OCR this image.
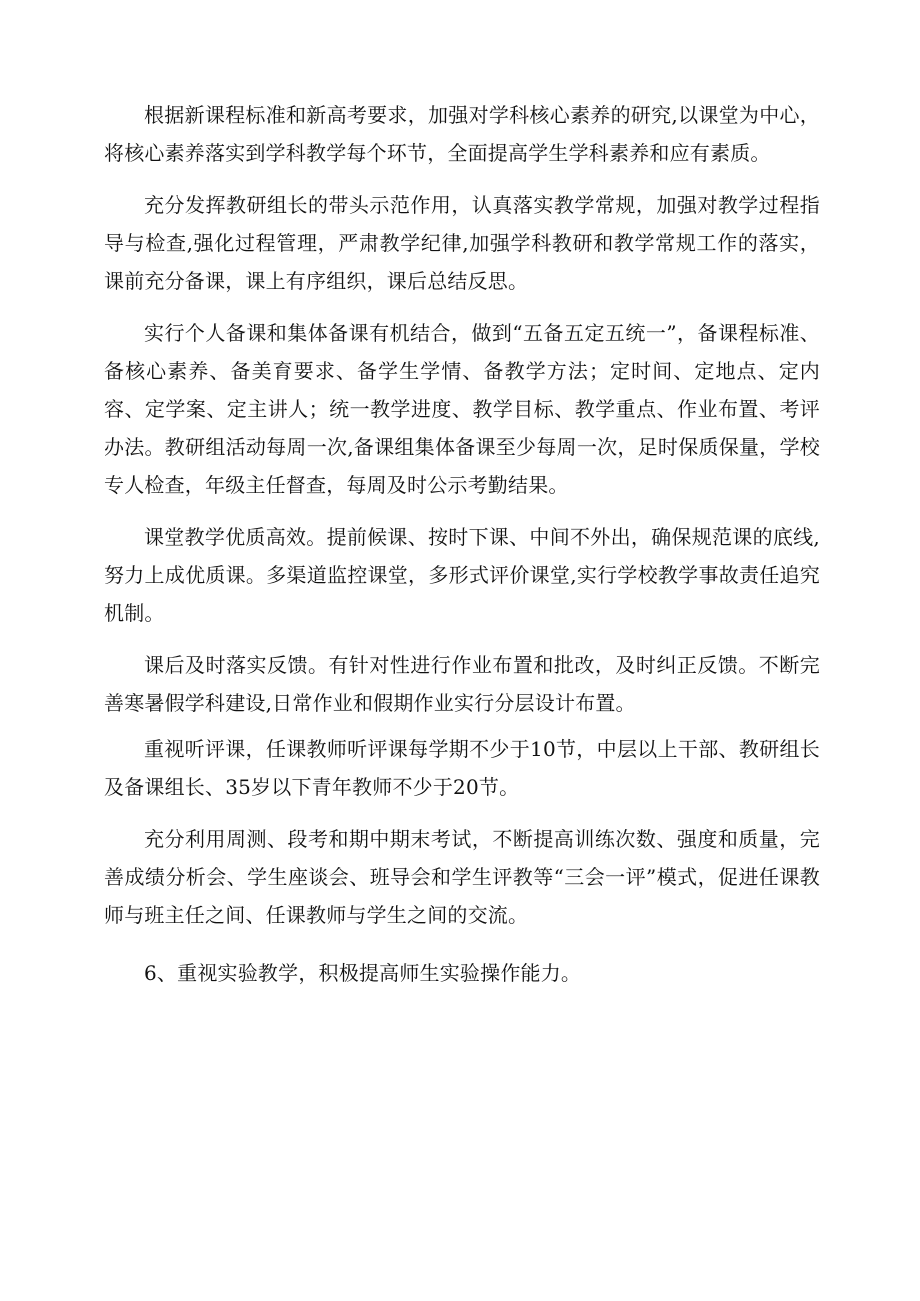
根据新课程标准和新高考要求，加强对学科核心素养的研究,以课堂为中心，将核心素养落实到学科教学每个环节，全面提高学生学科素养和应有素质。

充分发挥教研组长的带头示范作用，认真落实教学常规，加强对教学过程指导与检查,强化过程管理，严肃教学纪律,加强学科教研和教学常规工作的落实，课前充分备课，课上有序组织，课后总结反思。

实行个人备课和集体备课有机结合，做到“五备五定五统一”，备课程标准、备核心素养、备美育要求、备学生学情、备教学方法；定时间、定地点、定内容、定学案、定主讲人；统一教学进度、教学目标、教学重点、作业布置、考评办法。教研组活动每周一次,备课组集体备课至少每周一次，足时保质保量，学校专人检查，年级主任督查，每周及时公示考勤结果。

课堂教学优质高效。提前候课、按时下课、中间不外出，确保规范课的底线,努力上成优质课。多渠道监控课堂，多形式评价课堂,实行学校教学事故责任追究机制。

课后及时落实反馈。有针对性进行作业布置和批改，及时纠正反馈。不断完善寒暑假学科建设,日常作业和假期作业实行分层设计布置。

重视听评课，任课教师听评课每学期不少于10节，中层以上干部、教研组长及备课组长、35岁以下青年教师不少于20节。

充分利用周测、段考和期中期末考试，不断提高训练次数、强度和质量，完善成绩分析会、学生座谈会、班导会和学生评教等“三会一评”模式，促进任课教师与班主任之间、任课教师与学生之间的交流。

6、重视实验教学，积极提高师生实验操作能力。
